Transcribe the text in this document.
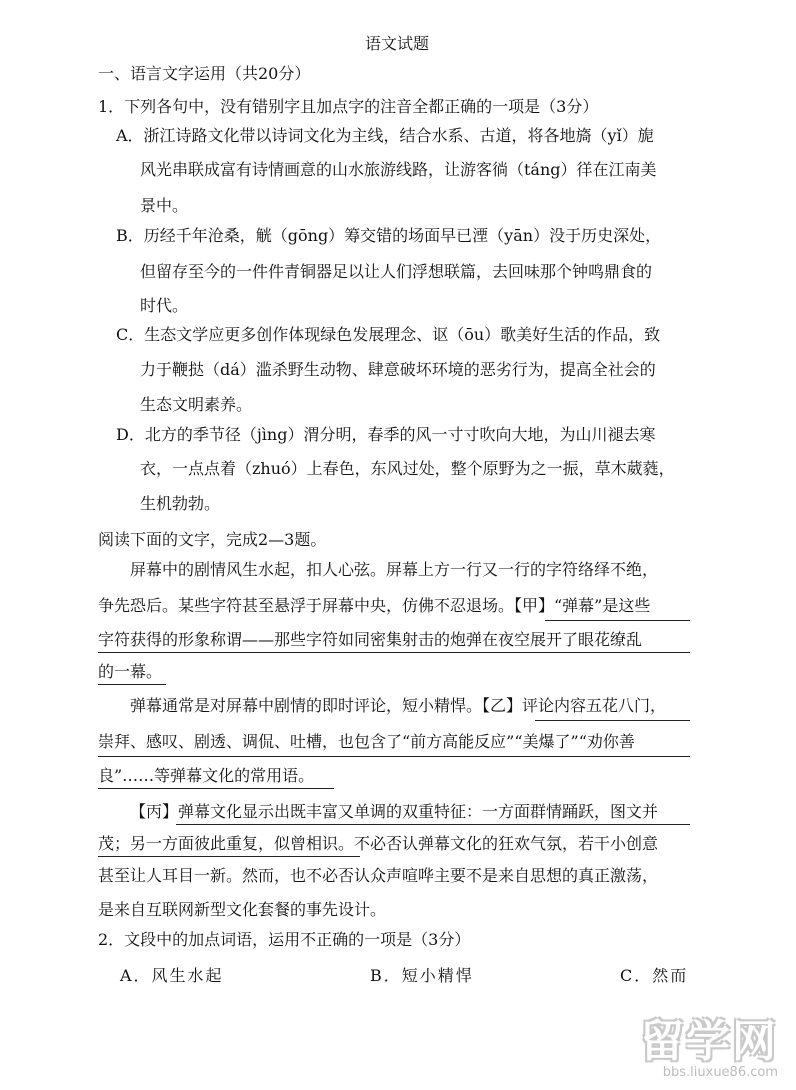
语文试题
一、语言文字运用（共20分）
1．下列各句中，没有错别字且加点字的注音全都正确的一项是（3分）
A．浙江诗路文化带以诗词文化为主线，结合水系、古道，将各地旖（yǐ）旎
风光串联成富有诗情画意的山水旅游线路，让游客徜（táng）徉在江南美
景中。
B．历经千年沧桑，觥（gōng）筹交错的场面早已湮（yān）没于历史深处，
但留存至今的一件件青铜器足以让人们浮想联篇，去回味那个钟鸣鼎食的
时代。
C．生态文学应更多创作体现绿色发展理念、讴（ōu）歌美好生活的作品，致
力于鞭挞（dá）滥杀野生动物、肆意破坏环境的恶劣行为，提高全社会的
生态文明素养。
D．北方的季节径（jìng）渭分明，春季的风一寸寸吹向大地，为山川褪去寒
衣，一点点着（zhuó）上春色，东风过处，整个原野为之一振，草木葳蕤，
生机勃勃。
阅读下面的文字，完成2—3题。
屏幕中的剧情风生水起，扣人心弦。屏幕上方一行又一行的字符络绎不绝，
争先恐后。某些字符甚至悬浮于屏幕中央，仿佛不忍退场。【甲】“弹幕”是这些
字符获得的形象称谓——那些字符如同密集射击的炮弹在夜空展开了眼花缭乱
的一幕。
弹幕通常是对屏幕中剧情的即时评论，短小精悍。【乙】评论内容五花八门，
崇拜、感叹、剧透、调侃、吐槽，也包含了“前方高能反应”“美爆了”“劝你善
良”……等弹幕文化的常用语。
【丙】弹幕文化显示出既丰富又单调的双重特征：一方面群情踊跃，图文并
茂；另一方面彼此重复，似曾相识。不必否认弹幕文化的狂欢气氛，若干小创意
甚至让人耳目一新。然而，也不必否认众声喧哗主要不是来自思想的真正激荡，
是来自互联网新型文化套餐的事先设计。
2．文段中的加点词语，运用不正确的一项是（3分）
A．风生水起	B．短小精悍	C．然而
留学网
bbs.liuxue86.com
